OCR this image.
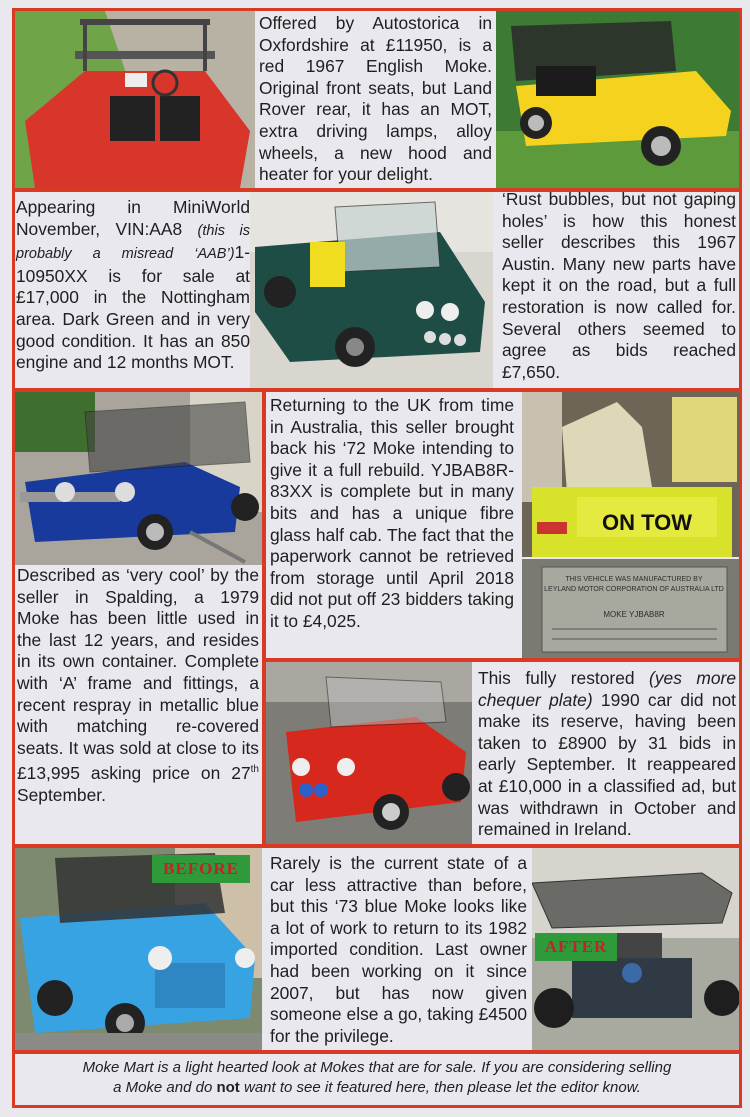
Offered by Autostorica in Oxfordshire at £11950, is a red 1967 English Moke. Original front seats, but Land Rover rear, it has an MOT, extra driving lamps, alloy wheels, a new hood and heater for your delight.
Appearing in MiniWorld November, VIN:AA8 (this is probably a misread ‘AAB’)1-10950XX is for sale at £17,000 in the Nottingham area. Dark Green and in very good condition. It has an 850 engine and 12 months MOT.
‘Rust bubbles, but not gaping holes’ is how this honest seller describes this 1967 Austin. Many new parts have kept it on the road, but a full restoration is now called for. Several others seemed to agree as bids reached £7,650.
Described as ‘very cool’ by the seller in Spalding, a 1979 Moke has been little used in the last 12 years, and resides in its own container. Complete with ‘A’ frame and fittings, a recent respray in metallic blue with matching re-covered seats. It was sold at close to its £13,995 asking price on 27th September.
Returning to the UK from time in Australia, this seller brought back his ‘72 Moke intending to give it a full rebuild. YJBAB8R-83XX is complete but in many bits and has a unique fibre glass half cab. The fact that the paperwork cannot be retrieved from storage until April 2018 did not put off 23 bidders taking it to £4,025.
ON TOW
THIS VEHICLE WAS MANUFACTURED BY
LEYLAND MOTOR CORPORATION OF AUSTRALIA LTD
MOKE YJBAB8R
This fully restored (yes more chequer plate) 1990 car did not make its reserve, having been taken to £8900 by 31 bids in early September. It reappeared at £10,000 in a classified ad, but was withdrawn in October and remained in Ireland.
BEFORE	Rarely is the current state of a car less attractive than before, but this ‘73 blue Moke looks like a lot of work to return to its 1982 imported condition. Last owner had been working on it since 2007, but has now given someone else a go, taking £4500 for the privilege.
AFTER
Moke Mart is a light hearted look at Mokes that are for sale. If you are considering selling
a Moke and do not want to see it featured here, then please let the editor know.
